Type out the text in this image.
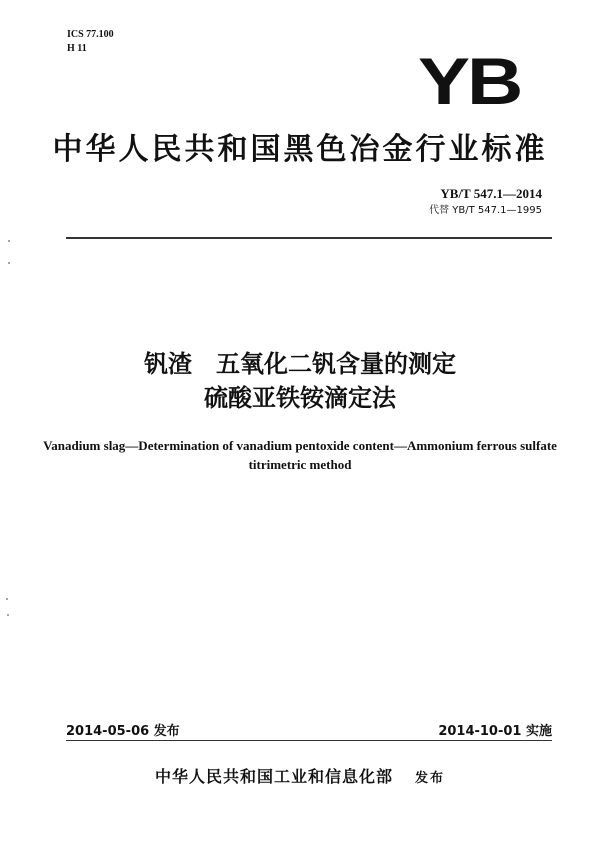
ICS 77.100
H 11	YB
中华人民共和国黑色冶金行业标准
YB/T 547.1—2014
代替 YB/T 547.1—1995
钒渣　五氧化二钒含量的测定
硫酸亚铁铵滴定法
Vanadium slag—Determination of vanadium pentoxide content—Ammonium ferrous sulfate titrimetric method
2014-05-06 发布	2014-10-01 实施
中华人民共和国工业和信息化部 发布
